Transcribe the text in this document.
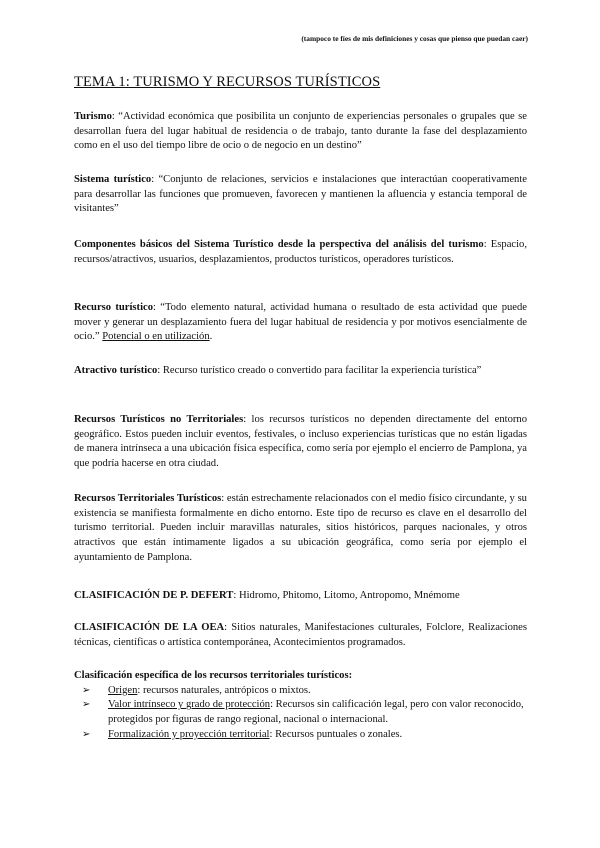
(tampoco te fíes de mis definiciones y cosas que pienso que puedan caer)
TEMA 1: TURISMO Y RECURSOS TURÍSTICOS

Turismo: “Actividad económica que posibilita un conjunto de experiencias personales o grupales que se desarrollan fuera del lugar habitual de residencia o de trabajo, tanto durante la fase del desplazamiento como en el uso del tiempo libre de ocio o de negocio en un destino”

Sistema turístico: “Conjunto de relaciones, servicios e instalaciones que interactúan cooperativamente para desarrollar las funciones que promueven, favorecen y mantienen la afluencia y estancia temporal de visitantes”

Componentes básicos del Sistema Turístico desde la perspectiva del análisis del turismo: Espacio, recursos/atractivos, usuarios, desplazamientos, productos turísticos, operadores turísticos.

Recurso turístico: “Todo elemento natural, actividad humana o resultado de esta actividad que puede mover y generar un desplazamiento fuera del lugar habitual de residencia y por motivos esencialmente de ocio.” Potencial o en utilización.

Atractivo turístico: Recurso turístico creado o convertido para facilitar la experiencia turística”

Recursos Turísticos no Territoriales: los recursos turísticos no dependen directamente del entorno geográfico. Estos pueden incluir eventos, festivales, o incluso experiencias turísticas que no están ligadas de manera intrínseca a una ubicación física específica, como sería por ejemplo el encierro de Pamplona, ya que podría hacerse en otra ciudad.

Recursos Territoriales Turísticos: están estrechamente relacionados con el medio físico circundante, y su existencia se manifiesta formalmente en dicho entorno. Este tipo de recurso es clave en el desarrollo del turismo territorial. Pueden incluir maravillas naturales, sitios históricos, parques nacionales, y otros atractivos que están íntimamente ligados a su ubicación geográfica, como sería por ejemplo el ayuntamiento de Pamplona.

CLASIFICACIÓN DE P. DEFERT: Hidromo, Phitomo, Litomo, Antropomo, Mnémome

CLASIFICACIÓN DE LA OEA: Sitios naturales, Manifestaciones culturales, Folclore, Realizaciones técnicas, científicas o artística contemporánea, Acontecimientos programados.

Clasificación específica de los recursos territoriales turísticos:
➢ Origen: recursos naturales, antrópicos o mixtos.
➢ Valor intrínseco y grado de protección: Recursos sin calificación legal, pero con valor reconocido, protegidos por figuras de rango regional, nacional o internacional.
➢ Formalización y proyección territorial: Recursos puntuales o zonales.
